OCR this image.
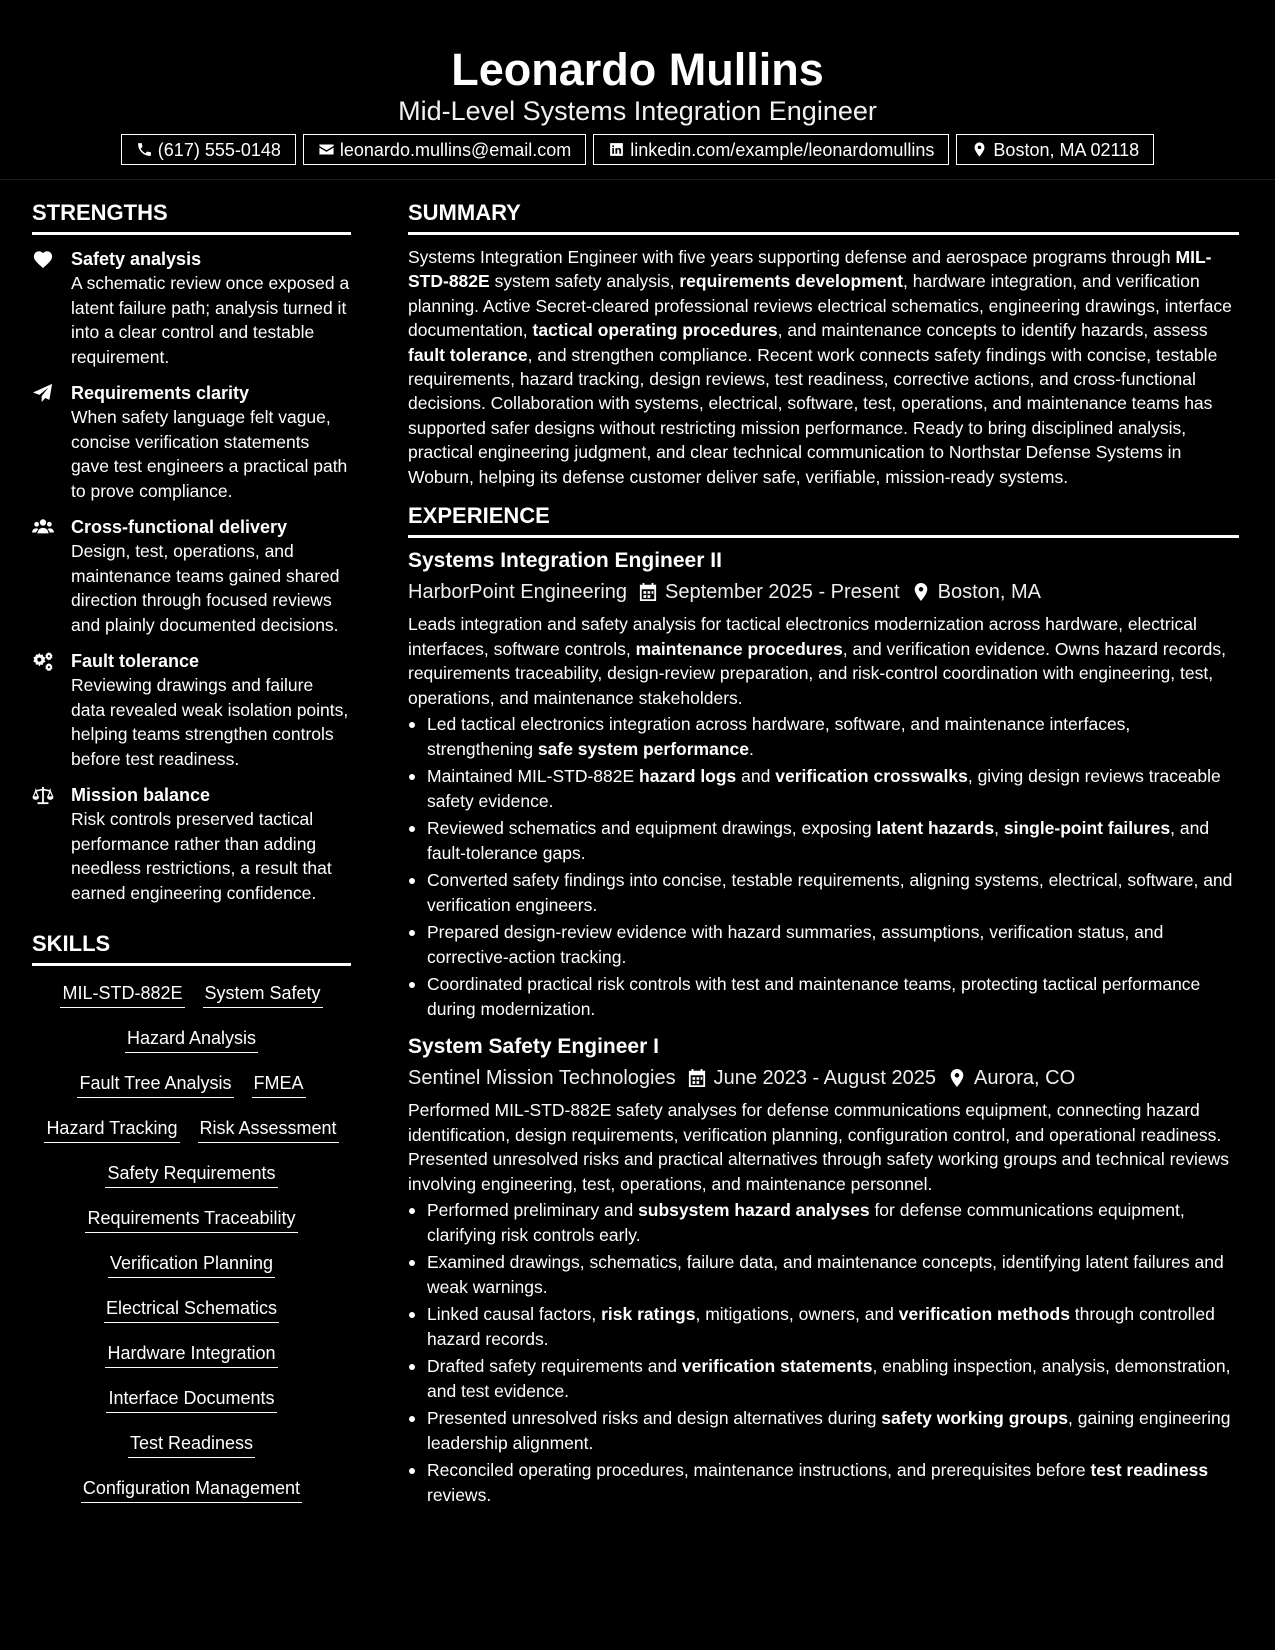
Leonardo Mullins
Mid-Level Systems Integration Engineer
(617) 555-0148	leonardo.mullins@email.com	linkedin.com/example/leonardomullins	Boston, MA 02118
STRENGTHS
Safety analysis
A schematic review once exposed a latent failure path; analysis turned it into a clear control and testable requirement.
Requirements clarity
When safety language felt vague, concise verification statements gave test engineers a practical path to prove compliance.
Cross-functional delivery
Design, test, operations, and maintenance teams gained shared direction through focused reviews and plainly documented decisions.
Fault tolerance
Reviewing drawings and failure data revealed weak isolation points, helping teams strengthen controls before test readiness.
Mission balance
Risk controls preserved tactical performance rather than adding needless restrictions, a result that earned engineering confidence.
SKILLS
MIL-STD-882E System Safety
Hazard Analysis
Fault Tree Analysis FMEA
Hazard Tracking Risk Assessment
Safety Requirements
Requirements Traceability
Verification Planning
Electrical Schematics
Hardware Integration
Interface Documents
Test Readiness
Configuration Management
SUMMARY

Systems Integration Engineer with five years supporting defense and aerospace programs through MIL-STD-882E system safety analysis, requirements development, hardware integration, and verification planning. Active Secret-cleared professional reviews electrical schematics, engineering drawings, interface documentation, tactical operating procedures, and maintenance concepts to identify hazards, assess fault tolerance, and strengthen compliance. Recent work connects safety findings with concise, testable requirements, hazard tracking, design reviews, test readiness, corrective actions, and cross-functional decisions. Collaboration with systems, electrical, software, test, operations, and maintenance teams has supported safer designs without restricting mission performance. Ready to bring disciplined analysis, practical engineering judgment, and clear technical communication to Northstar Defense Systems in Woburn, helping its defense customer deliver safe, verifiable, mission-ready systems.

EXPERIENCE
Systems Integration Engineer II
HarborPoint Engineering September 2025 - Present Boston, MA

Leads integration and safety analysis for tactical electronics modernization across hardware, electrical interfaces, software controls, maintenance procedures, and verification evidence. Owns hazard records, requirements traceability, design-review preparation, and risk-control coordination with engineering, test, operations, and maintenance stakeholders.

Led tactical electronics integration across hardware, software, and maintenance interfaces, strengthening safe system performance.
Maintained MIL-STD-882E hazard logs and verification crosswalks, giving design reviews traceable safety evidence.
Reviewed schematics and equipment drawings, exposing latent hazards, single-point failures, and fault-tolerance gaps.
Converted safety findings into concise, testable requirements, aligning systems, electrical, software, and verification engineers.
Prepared design-review evidence with hazard summaries, assumptions, verification status, and corrective-action tracking.
Coordinated practical risk controls with test and maintenance teams, protecting tactical performance during modernization.
System Safety Engineer I
Sentinel Mission Technologies June 2023 - August 2025 Aurora, CO

Performed MIL-STD-882E safety analyses for defense communications equipment, connecting hazard identification, design requirements, verification planning, configuration control, and operational readiness. Presented unresolved risks and practical alternatives through safety working groups and technical reviews involving engineering, test, operations, and maintenance personnel.

Performed preliminary and subsystem hazard analyses for defense communications equipment, clarifying risk controls early.
Examined drawings, schematics, failure data, and maintenance concepts, identifying latent failures and weak warnings.
Linked causal factors, risk ratings, mitigations, owners, and verification methods through controlled hazard records.
Drafted safety requirements and verification statements, enabling inspection, analysis, demonstration, and test evidence.
Presented unresolved risks and design alternatives during safety working groups, gaining engineering leadership alignment.
Reconciled operating procedures, maintenance instructions, and prerequisites before test readiness reviews.
